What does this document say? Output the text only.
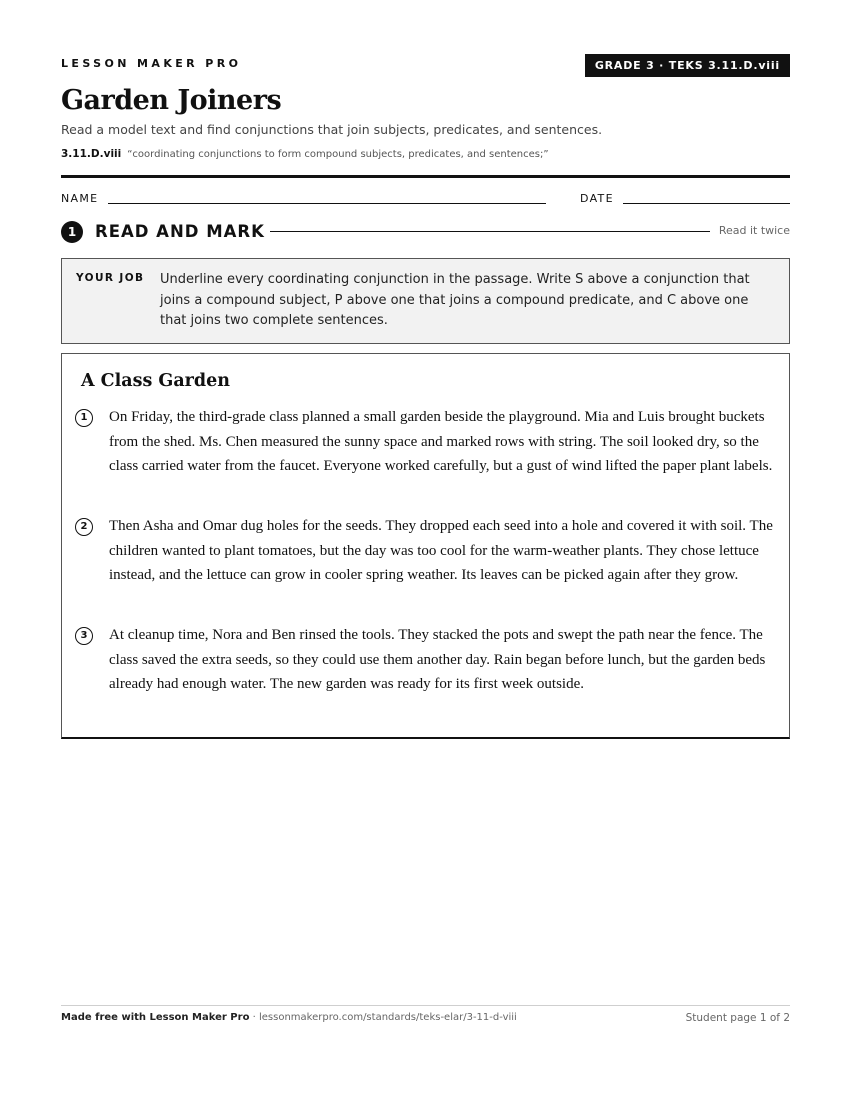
LESSON MAKER PRO	GRADE 3 · TEKS 3.11.D.viii
Garden Joiners
Read a model text and find conjunctions that join subjects, predicates, and sentences.
3.11.D.viii “coordinating conjunctions to form compound subjects, predicates, and sentences;”
NAME	DATE
1	READ AND MARK	Read it twice
YOUR JOB Underline every coordinating conjunction in the passage. Write S above a conjunction that joins a compound subject, P above one that joins a compound predicate, and C above one that joins two complete sentences.
A Class Garden
1	On Friday, the third-grade class planned a small garden beside the playground. Mia and Luis brought buckets from the shed. Ms. Chen measured the sunny space and marked rows with string. The soil looked dry, so the class carried water from the faucet. Everyone worked carefully, but a gust of wind lifted the paper plant labels.
2	Then Asha and Omar dug holes for the seeds. They dropped each seed into a hole and covered it with soil. The children wanted to plant tomatoes, but the day was too cool for the warm-weather plants. They chose lettuce instead, and the lettuce can grow in cooler spring weather. Its leaves can be picked again after they grow.
3	At cleanup time, Nora and Ben rinsed the tools. They stacked the pots and swept the path near the fence. The class saved the extra seeds, so they could use them another day. Rain began before lunch, but the garden beds already had enough water. The new garden was ready for its first week outside.
Made free with Lesson Maker Pro · lessonmakerpro.com/standards/teks-elar/3-11-d-viii	Student page 1 of 2
